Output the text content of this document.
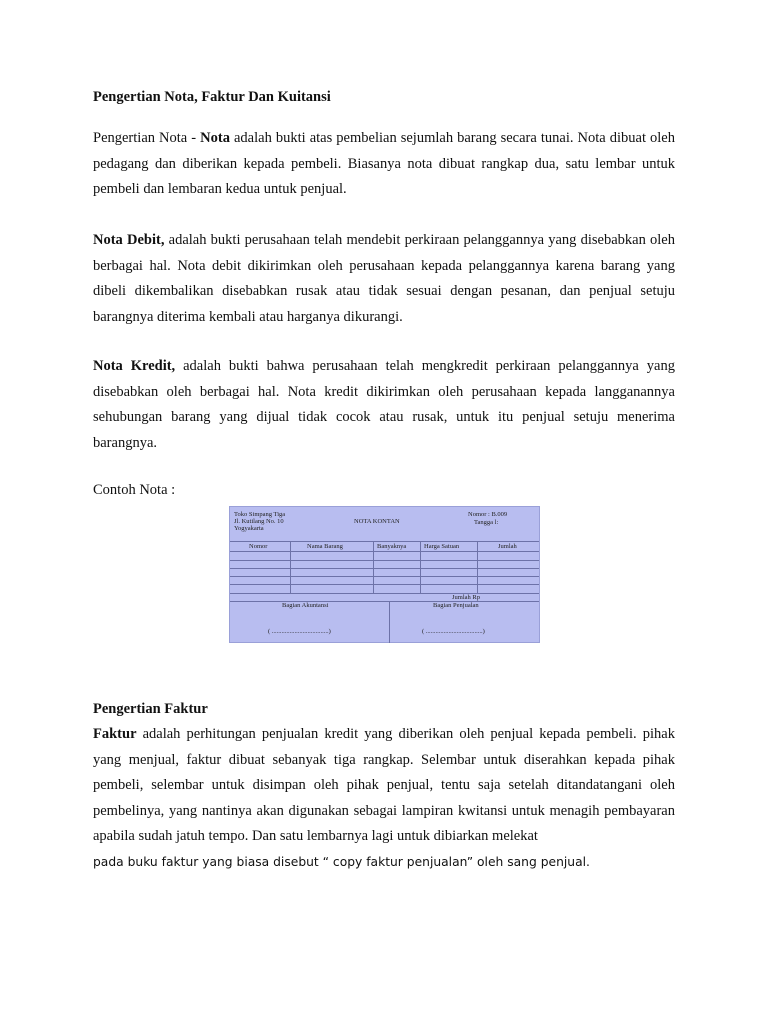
Pengertian Nota, Faktur Dan Kuitansi
Pengertian Nota - Nota adalah bukti atas pembelian sejumlah barang secara tunai. Nota dibuat oleh pedagang dan diberikan kepada pembeli. Biasanya nota dibuat rangkap dua, satu lembar untuk pembeli dan lembaran kedua untuk penjual.
Nota Debit, adalah bukti perusahaan telah mendebit perkiraan pelanggannya yang disebabkan oleh berbagai hal. Nota debit dikirimkan oleh perusahaan kepada pelanggannya karena barang yang dibeli dikembalikan disebabkan rusak atau tidak sesuai dengan pesanan, dan penjual setuju barangnya diterima kembali atau harganya dikurangi.
Nota Kredit, adalah bukti bahwa perusahaan telah mengkredit perkiraan pelanggannya yang disebabkan oleh berbagai hal. Nota kredit dikirimkan oleh perusahaan kepada langganannya sehubungan barang yang dijual tidak cocok atau rusak, untuk itu penjual setuju menerima barangnya.
Contoh Nota :
Toko Simpang Tiga
Jl. Kutilang No. 10
Yogyakarta
NOTA KONTAN
Nomor : B.009
Tangga l:
Nomor	Nama Barang	Banyaknya	Harga Satuan	Jumlah
Jumlah Rp
Bagian Akuntansi	Bagian Penjualan
( ...................................)	( ...................................)
Pengertian Faktur
Faktur adalah perhitungan penjualan kredit yang diberikan oleh penjual kepada pembeli. pihak yang menjual, faktur dibuat sebanyak tiga rangkap. Selembar untuk diserahkan kepada pihak pembeli, selembar untuk disimpan oleh pihak penjual, tentu saja setelah ditandatangani oleh pembelinya, yang nantinya akan digunakan sebagai lampiran kwitansi untuk menagih pembayaran apabila sudah jatuh tempo. Dan satu lembarnya lagi untuk dibiarkan melekat
pada buku faktur yang biasa disebut “ copy faktur penjualan” oleh sang penjual.
